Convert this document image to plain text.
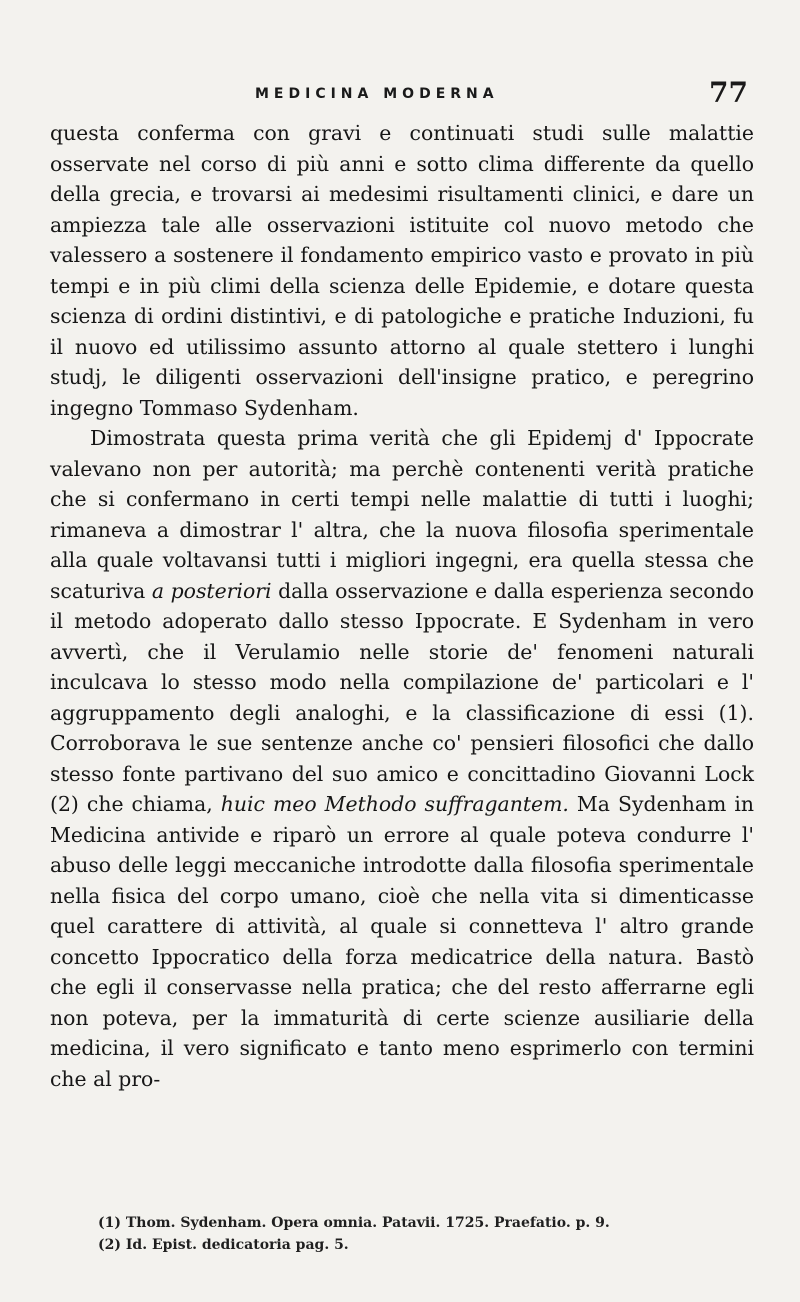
MEDICINA MODERNA	77

questa conferma con gravi e continuati studi sulle malattie osservate nel corso di più anni e sotto clima differente da quello della grecia, e trovarsi ai medesimi risultamenti clinici, e dare un ampiezza tale alle osservazioni istituite col nuovo metodo che valessero a sostenere il fondamento empirico vasto e provato in più tempi e in più climi della scienza delle Epidemie, e dotare questa scienza di ordini distintivi, e di patologiche e pratiche Induzioni, fu il nuovo ed utilissimo assunto attorno al quale stettero i lunghi studj, le diligenti osservazioni dell'insigne pratico, e peregrino ingegno Tommaso Sydenham.

Dimostrata questa prima verità che gli Epidemj d' Ippocrate valevano non per autorità; ma perchè contenenti verità pratiche che si confermano in certi tempi nelle malattie di tutti i luoghi; rimaneva a dimostrar l' altra, che la nuova filosofia sperimentale alla quale voltavansi tutti i migliori ingegni, era quella stessa che scaturiva a posteriori dalla osservazione e dalla esperienza secondo il metodo adoperato dallo stesso Ippocrate. E Sydenham in vero avvertì, che il Verulamio nelle storie de' fenomeni naturali inculcava lo stesso modo nella compilazione de' particolari e l' aggruppamento degli analoghi, e la classificazione di essi (1). Corroborava le sue sentenze anche co' pensieri filosofici che dallo stesso fonte partivano del suo amico e concittadino Giovanni Lock (2) che chiama, huic meo Methodo suffragantem. Ma Sydenham in Medicina antivide e riparò un errore al quale poteva condurre l' abuso delle leggi meccaniche introdotte dalla filosofia sperimentale nella fisica del corpo umano, cioè che nella vita si dimenticasse quel carattere di attività, al quale si connetteva l' altro grande concetto Ippocratico della forza medicatrice della natura. Bastò che egli il conservasse nella pratica; che del resto afferrarne egli non poteva, per la immaturità di certe scienze ausiliarie della medicina, il vero significato e tanto meno esprimerlo con termini che al pro-

(1) Thom. Sydenham. Opera omnia. Patavii. 1725. Praefatio. p. 9.
(2) Id. Epist. dedicatoria pag. 5.
